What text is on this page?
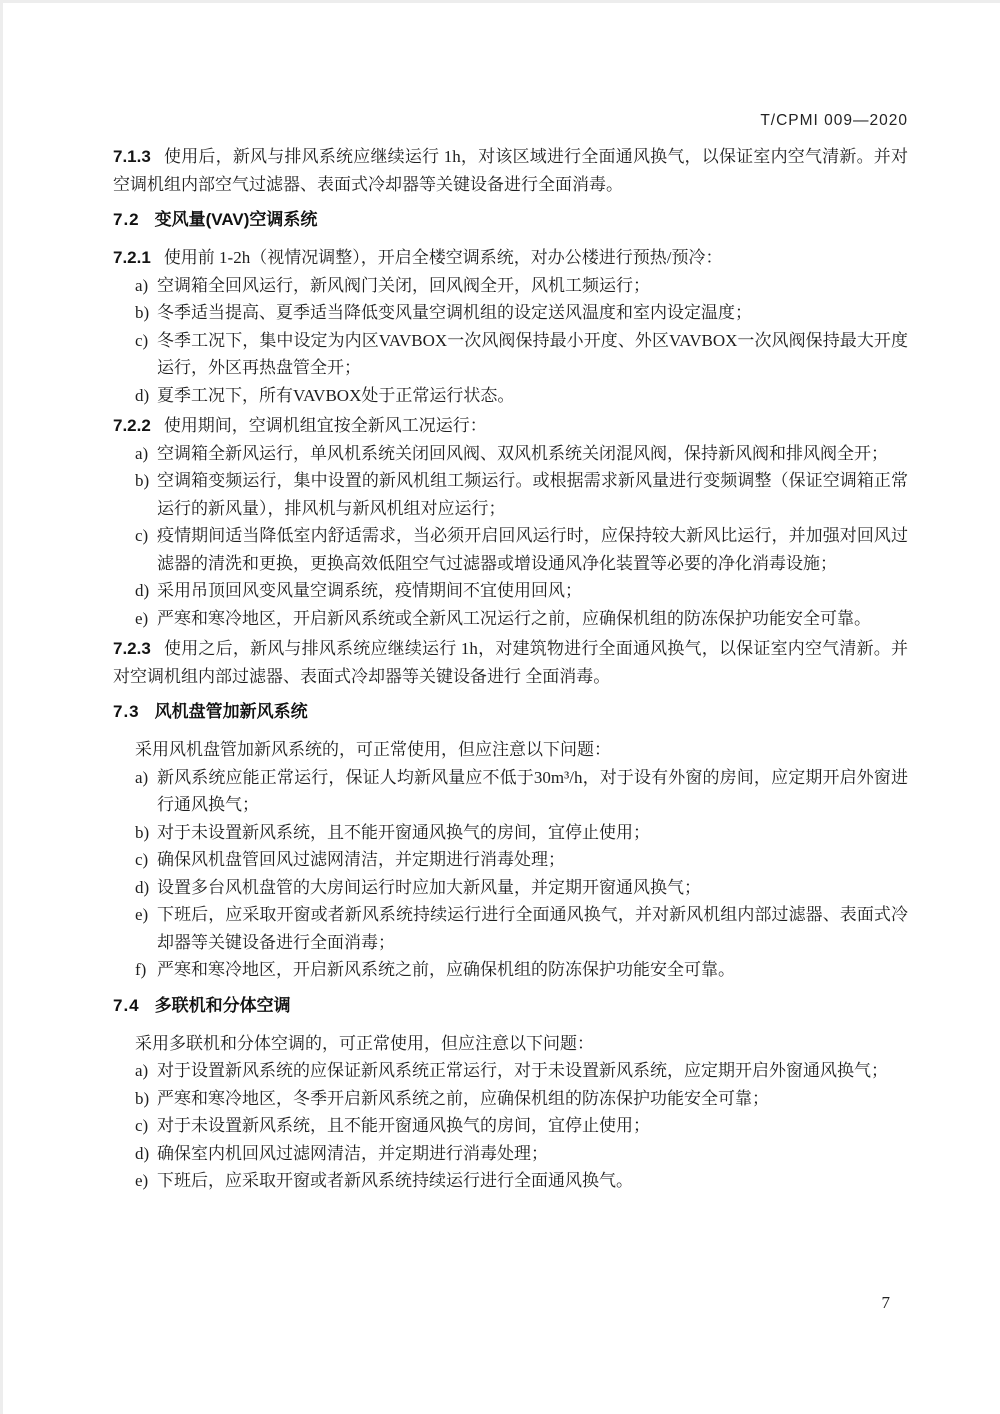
T/CPMI 009—2020

7.1.3 使用后，新风与排风系统应继续运行 1h，对该区域进行全面通风换气，以保证室内空气清新。并对空调机组内部空气过滤器、表面式冷却器等关键设备进行全面消毒。

7.2 变风量(VAV)空调系统

7.2.1 使用前 1-2h（视情况调整），开启全楼空调系统，对办公楼进行预热/预冷：

a) 空调箱全回风运行，新风阀门关闭，回风阀全开，风机工频运行；
b) 冬季适当提高、夏季适当降低变风量空调机组的设定送风温度和室内设定温度；
c) 冬季工况下，集中设定为内区VAVBOX一次风阀保持最小开度、外区VAVBOX一次风阀保持最大开度运行，外区再热盘管全开；
d) 夏季工况下，所有VAVBOX处于正常运行状态。

7.2.2 使用期间，空调机组宜按全新风工况运行：

a) 空调箱全新风运行，单风机系统关闭回风阀、双风机系统关闭混风阀，保持新风阀和排风阀全开；
b) 空调箱变频运行，集中设置的新风机组工频运行。或根据需求新风量进行变频调整（保证空调箱正常运行的新风量），排风机与新风机组对应运行；
c) 疫情期间适当降低室内舒适需求，当必须开启回风运行时，应保持较大新风比运行，并加强对回风过滤器的清洗和更换，更换高效低阻空气过滤器或增设通风净化装置等必要的净化消毒设施；
d) 采用吊顶回风变风量空调系统，疫情期间不宜使用回风；
e) 严寒和寒冷地区，开启新风系统或全新风工况运行之前，应确保机组的防冻保护功能安全可靠。

7.2.3 使用之后，新风与排风系统应继续运行 1h，对建筑物进行全面通风换气，以保证室内空气清新。并对空调机组内部过滤器、表面式冷却器等关键设备进行 全面消毒。

7.3 风机盘管加新风系统

采用风机盘管加新风系统的，可正常使用，但应注意以下问题：

a) 新风系统应能正常运行，保证人均新风量应不低于30m³/h，对于设有外窗的房间，应定期开启外窗进行通风换气；
b) 对于未设置新风系统，且不能开窗通风换气的房间，宜停止使用；
c) 确保风机盘管回风过滤网清洁，并定期进行消毒处理；
d) 设置多台风机盘管的大房间运行时应加大新风量，并定期开窗通风换气；
e) 下班后，应采取开窗或者新风系统持续运行进行全面通风换气，并对新风机组内部过滤器、表面式冷却器等关键设备进行全面消毒；
f) 严寒和寒冷地区，开启新风系统之前，应确保机组的防冻保护功能安全可靠。
7.4 多联机和分体空调

采用多联机和分体空调的，可正常使用，但应注意以下问题：

a) 对于设置新风系统的应保证新风系统正常运行，对于未设置新风系统，应定期开启外窗通风换气；
b) 严寒和寒冷地区，冬季开启新风系统之前，应确保机组的防冻保护功能安全可靠；
c) 对于未设置新风系统，且不能开窗通风换气的房间，宜停止使用；
d) 确保室内机回风过滤网清洁，并定期进行消毒处理；
e) 下班后，应采取开窗或者新风系统持续运行进行全面通风换气。
7
